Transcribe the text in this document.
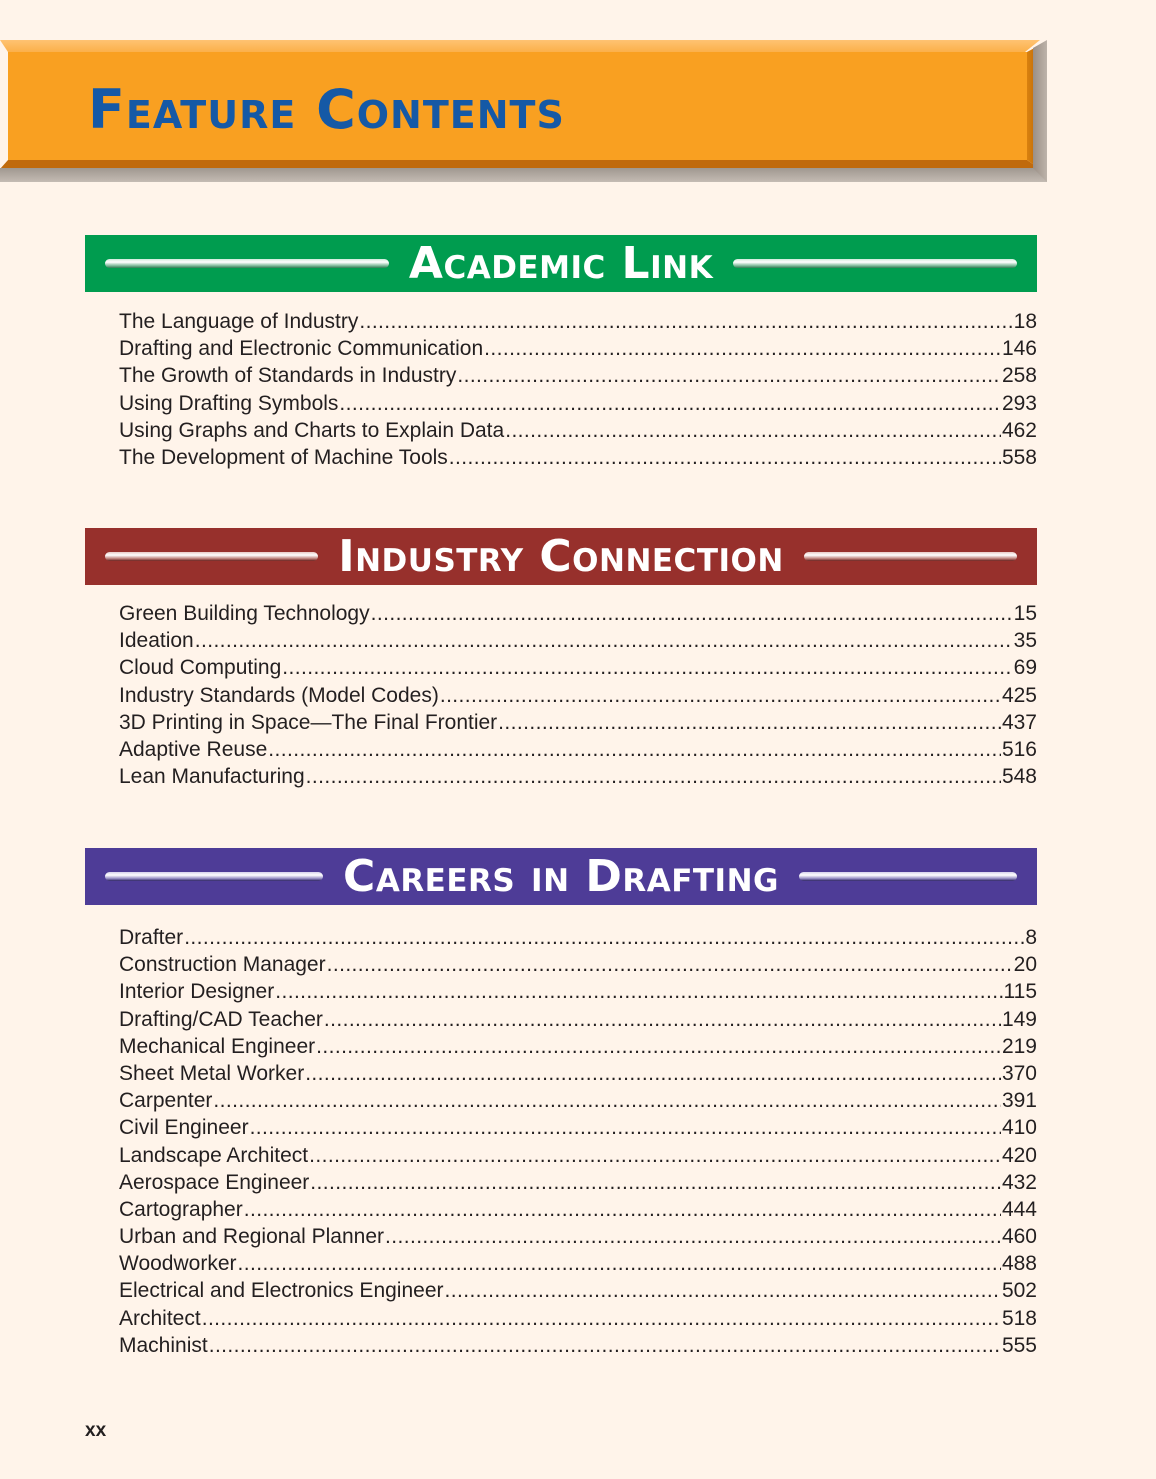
Feature Contents
Academic Link
The Language of Industry .....	18
Drafting and Electronic Communication .....	146
The Growth of Standards in Industry .....	258
Using Drafting Symbols .....	293
Using Graphs and Charts to Explain Data .....	462
The Development of Machine Tools .....	558
Industry Connection
Green Building Technology .....	15
Ideation .....	35
Cloud Computing .....	69
Industry Standards (Model Codes) .....	425
3D Printing in Space—The Final Frontier .....	437
Adaptive Reuse .....	516
Lean Manufacturing .....	548
Careers in Drafting
Drafter .....	8
Construction Manager .....	20
Interior Designer .....	115
Drafting/CAD Teacher .....	149
Mechanical Engineer .....	219
Sheet Metal Worker .....	370
Carpenter .....	391
Civil Engineer .....	410
Landscape Architect .....	420
Aerospace Engineer .....	432
Cartographer .....	444
Urban and Regional Planner .....	460
Woodworker .....	488
Electrical and Electronics Engineer .....	502
Architect .....	518
Machinist .....	555

xx
